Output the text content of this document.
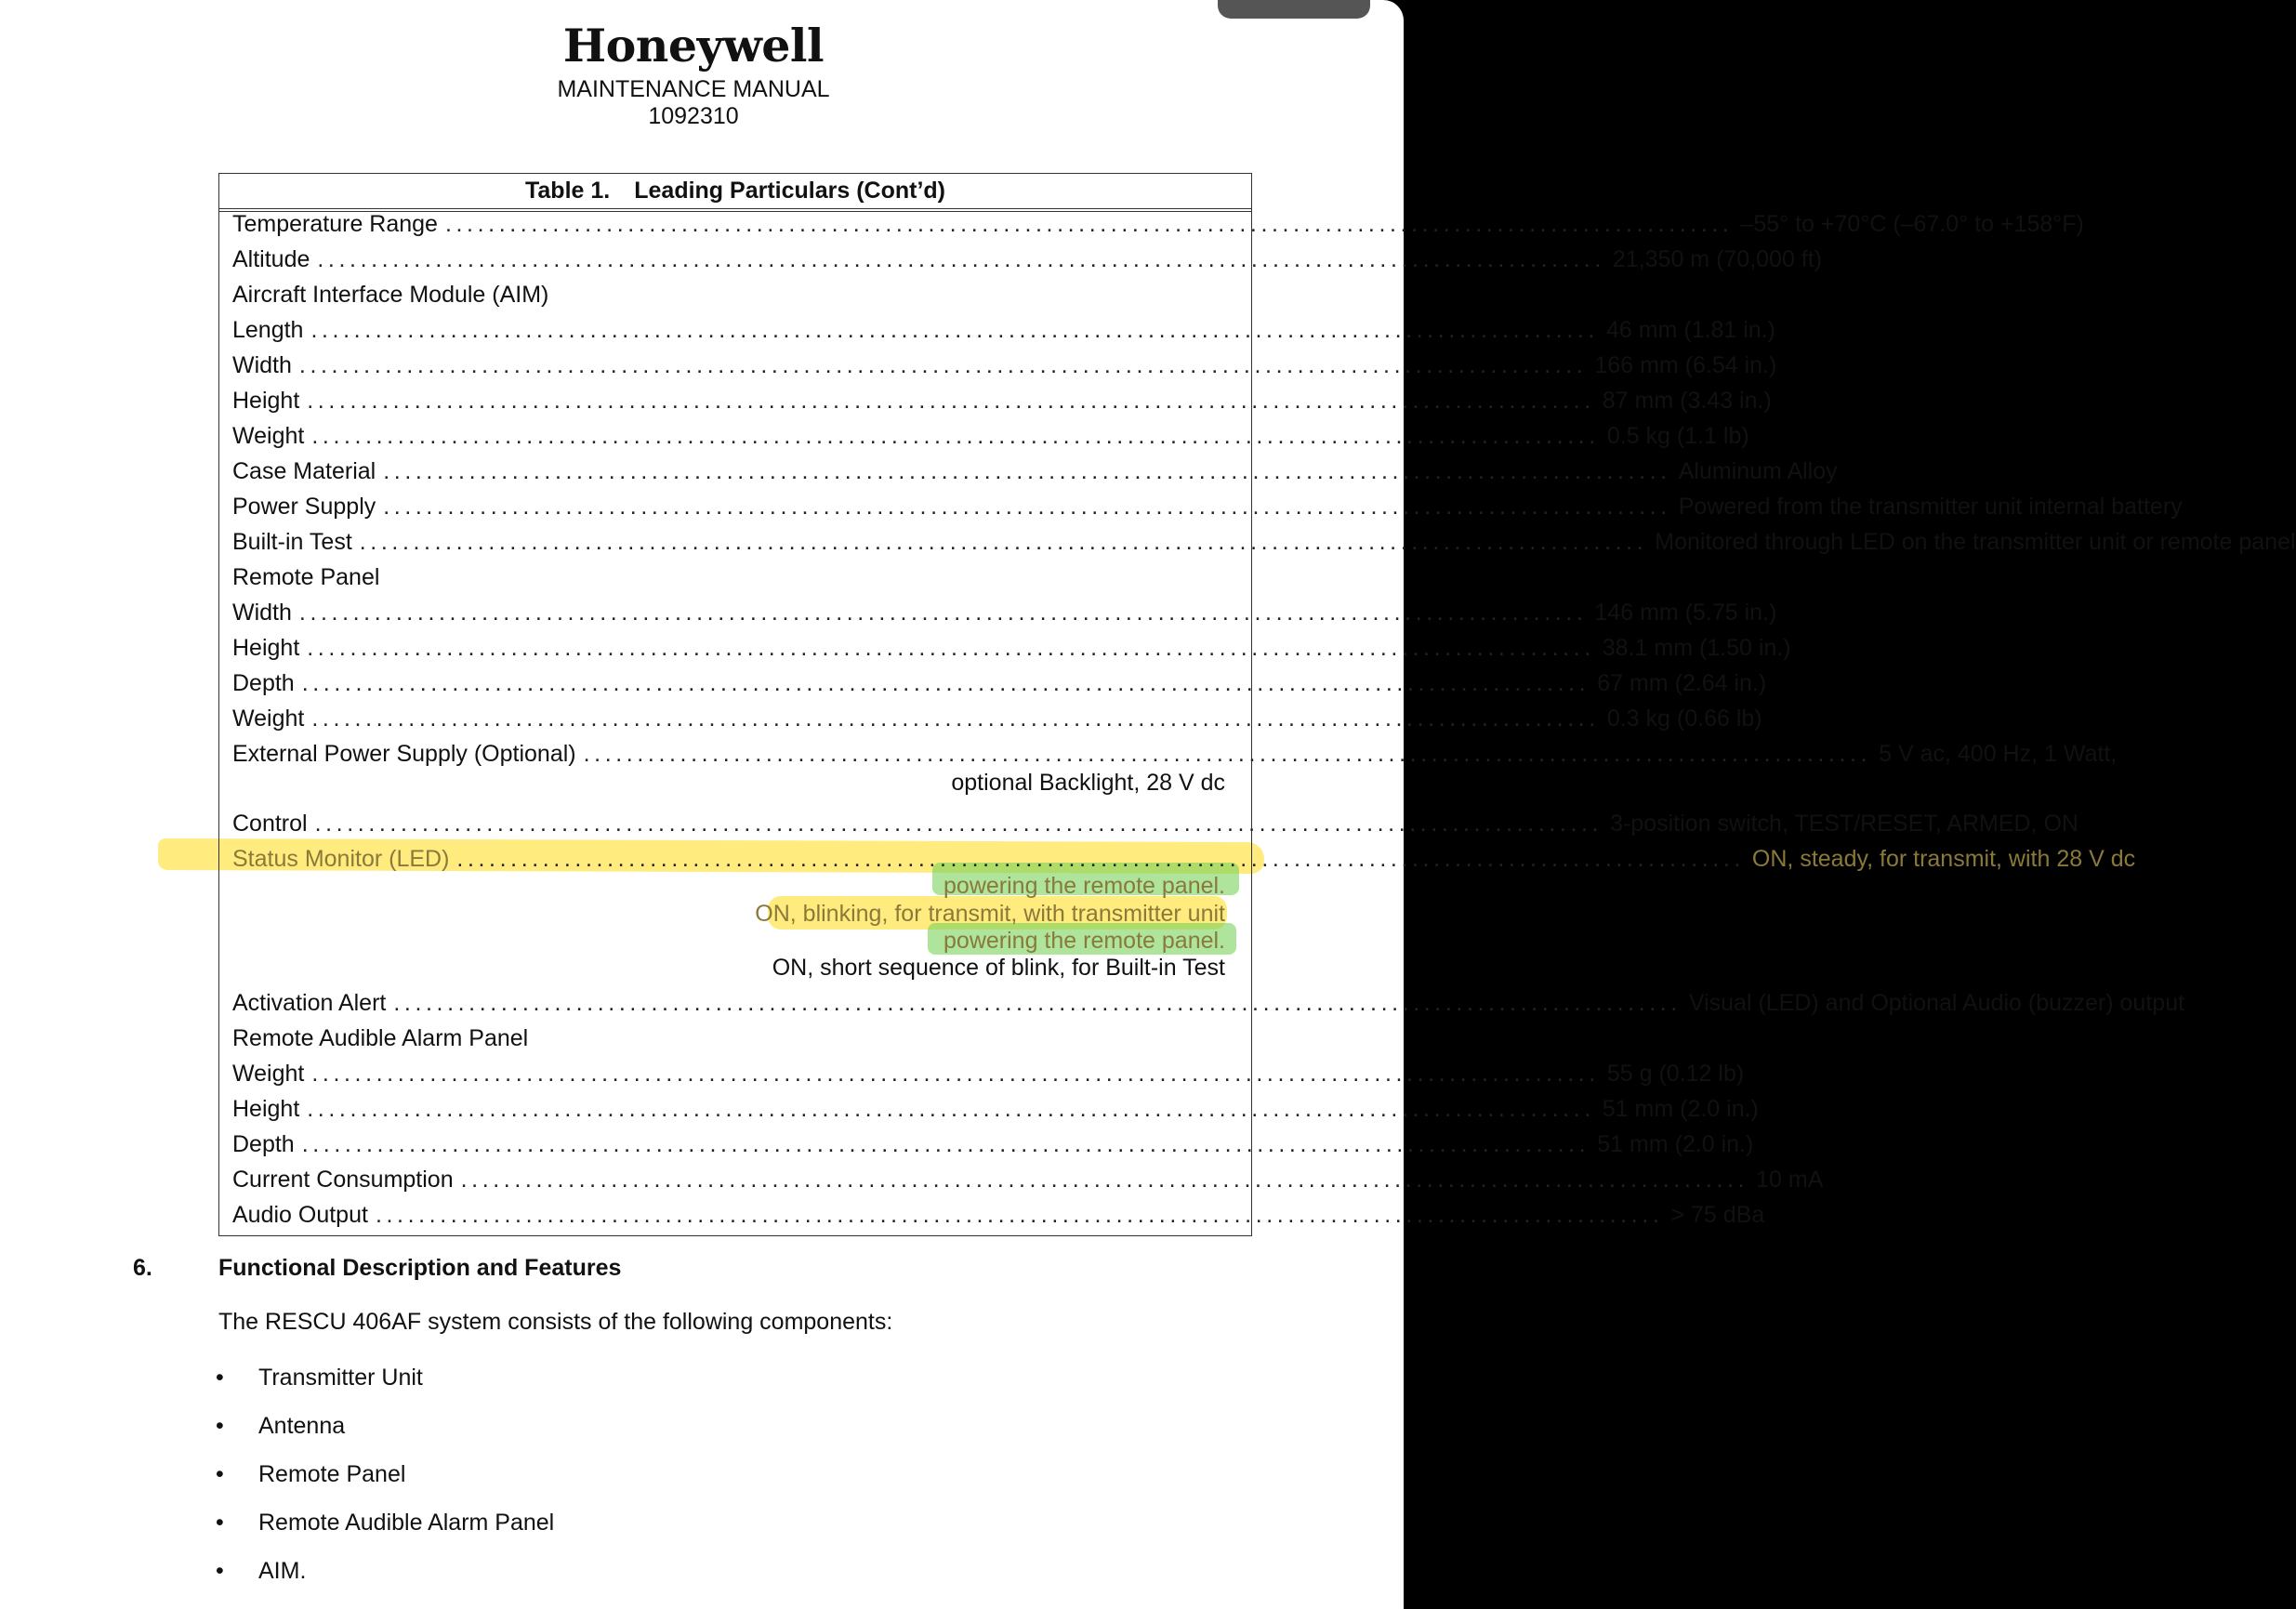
Honeywell
MAINTENANCE MANUAL
1092310
Table 1. Leading Particulars (Cont’d)
Temperature Range ........................................................................................................................ –55° to +70°C (–67.0° to +158°F)
Altitude ........................................................................................................................ 21,350 m (70,000 ft)
Aircraft Interface Module (AIM)
Length ........................................................................................................................ 46 mm (1.81 in.)
Width ........................................................................................................................ 166 mm (6.54 in.)
Height ........................................................................................................................ 87 mm (3.43 in.)
Weight ........................................................................................................................ 0.5 kg (1.1 lb)
Case Material ........................................................................................................................ Aluminum Alloy
Power Supply ........................................................................................................................ Powered from the transmitter unit internal battery
Built-in Test ........................................................................................................................ Monitored through LED on the transmitter unit or remote panel
Remote Panel
Width ........................................................................................................................ 146 mm (5.75 in.)
Height ........................................................................................................................ 38.1 mm (1.50 in.)
Depth ........................................................................................................................ 67 mm (2.64 in.)
Weight ........................................................................................................................ 0.3 kg (0.66 lb)
External Power Supply (Optional) ........................................................................................................................ 5 V ac, 400 Hz, 1 Watt,
optional Backlight, 28 V dc
Control ........................................................................................................................ 3-position switch, TEST/RESET, ARMED, ON
Status Monitor (LED) ........................................................................................................................ ON, steady, for transmit, with 28 V dc
powering the remote panel.
ON, blinking, for transmit, with transmitter unit
powering the remote panel.
ON, short sequence of blink, for Built-in Test
Activation Alert ........................................................................................................................ Visual (LED) and Optional Audio (buzzer) output
Remote Audible Alarm Panel
Weight ........................................................................................................................ 55 g (0.12 lb)
Height ........................................................................................................................ 51 mm (2.0 in.)
Depth ........................................................................................................................ 51 mm (2.0 in.)
Current Consumption ........................................................................................................................ 10 mA
Audio Output ........................................................................................................................ > 75 dBa
6.	Functional Description and Features
The RESCU 406AF system consists of the following components:
• Transmitter Unit
• Antenna
• Remote Panel
• Remote Audible Alarm Panel
• AIM.
